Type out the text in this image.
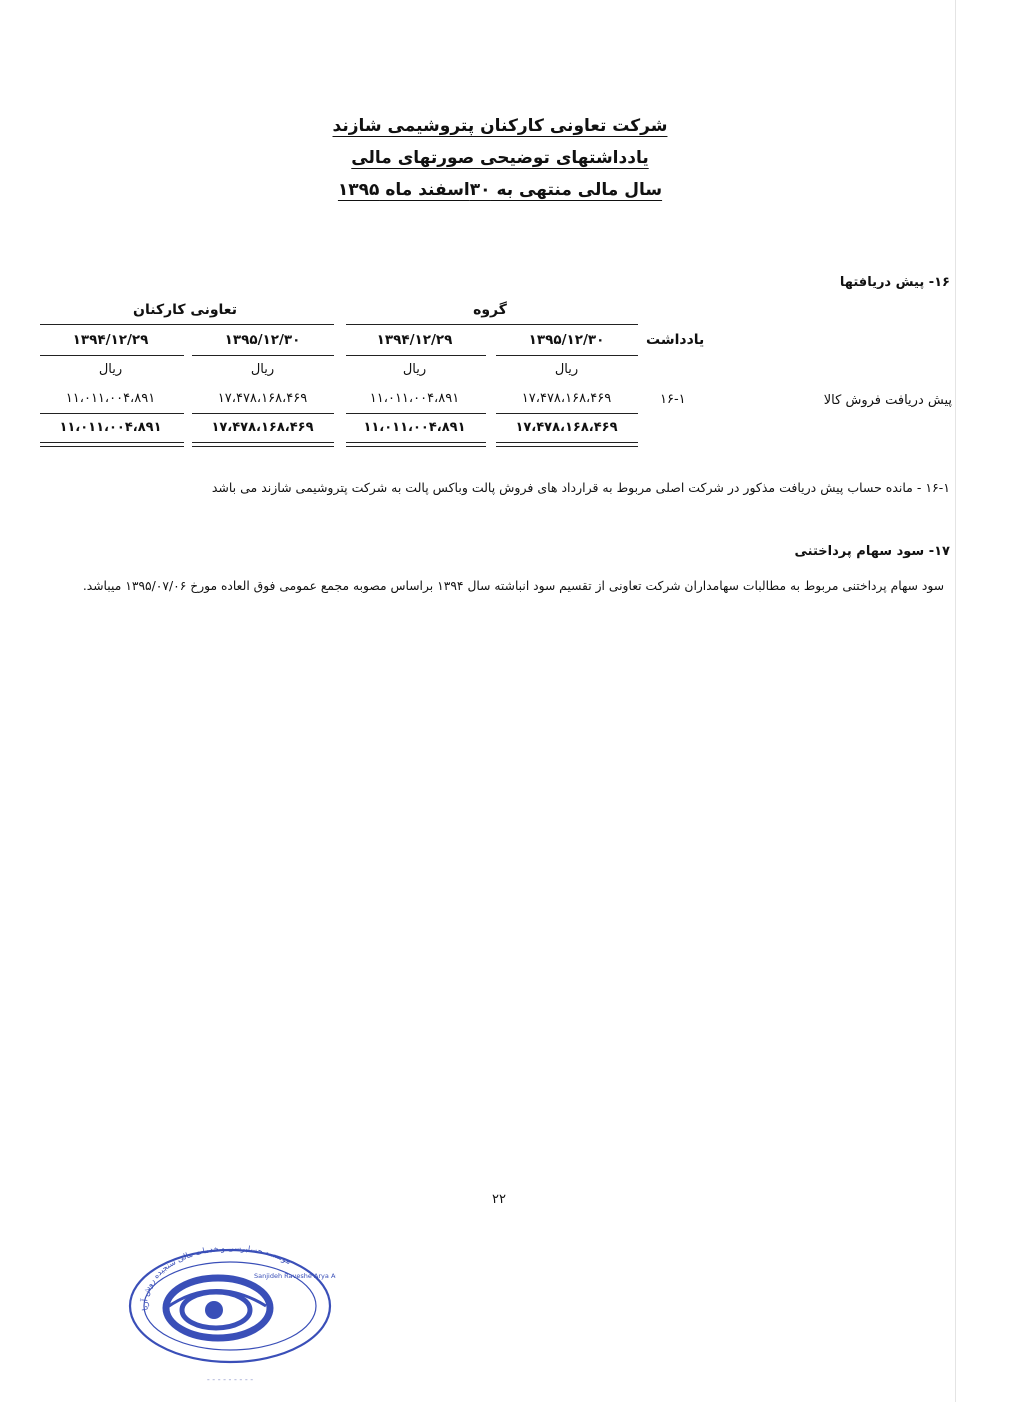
شرکت تعاونی کارکنان پتروشیمی شازند
یادداشتهای توضیحی صورتهای مالی
سال مالی منتهی به ۳۰اسفند ماه ۱۳۹۵
۱۶- پیش دریافتها
گروه
تعاونی کارکنان
یادداشت
۱۳۹۵/۱۲/۳۰
۱۳۹۴/۱۲/۲۹
۱۳۹۵/۱۲/۳۰
۱۳۹۴/۱۲/۲۹
ریال
ریال
ریال
ریال
پیش دریافت فروش کالا
۱۶-۱
۱۷،۴۷۸،۱۶۸،۴۶۹
۱۱،۰۱۱،۰۰۴،۸۹۱
۱۷،۴۷۸،۱۶۸،۴۶۹
۱۱،۰۱۱،۰۰۴،۸۹۱
۱۷،۴۷۸،۱۶۸،۴۶۹
۱۱،۰۱۱،۰۰۴،۸۹۱
۱۷،۴۷۸،۱۶۸،۴۶۹
۱۱،۰۱۱،۰۰۴،۸۹۱
۱۶-۱ - مانده حساب پیش دریافت مذکور در شرکت اصلی مربوط به قرارداد های فروش پالت وباکس پالت به شرکت پتروشیمی شازند می باشد
۱۷- سود سهام پرداختنی
سود سهام پرداختنی مربوط به مطالبات سهامداران شرکت تعاونی از تقسیم سود انباشته سال ۱۳۹۴ براساس مصوبه مجمع عمومی فوق العاده مورخ ۱۳۹۵/۰۷/۰۶ میباشد.
۲۲
موسسه حسابرسی و خدمات مالی سنجیده روش آریا
Sanjideh Raveshe Arya A
- - - - - - - - -
